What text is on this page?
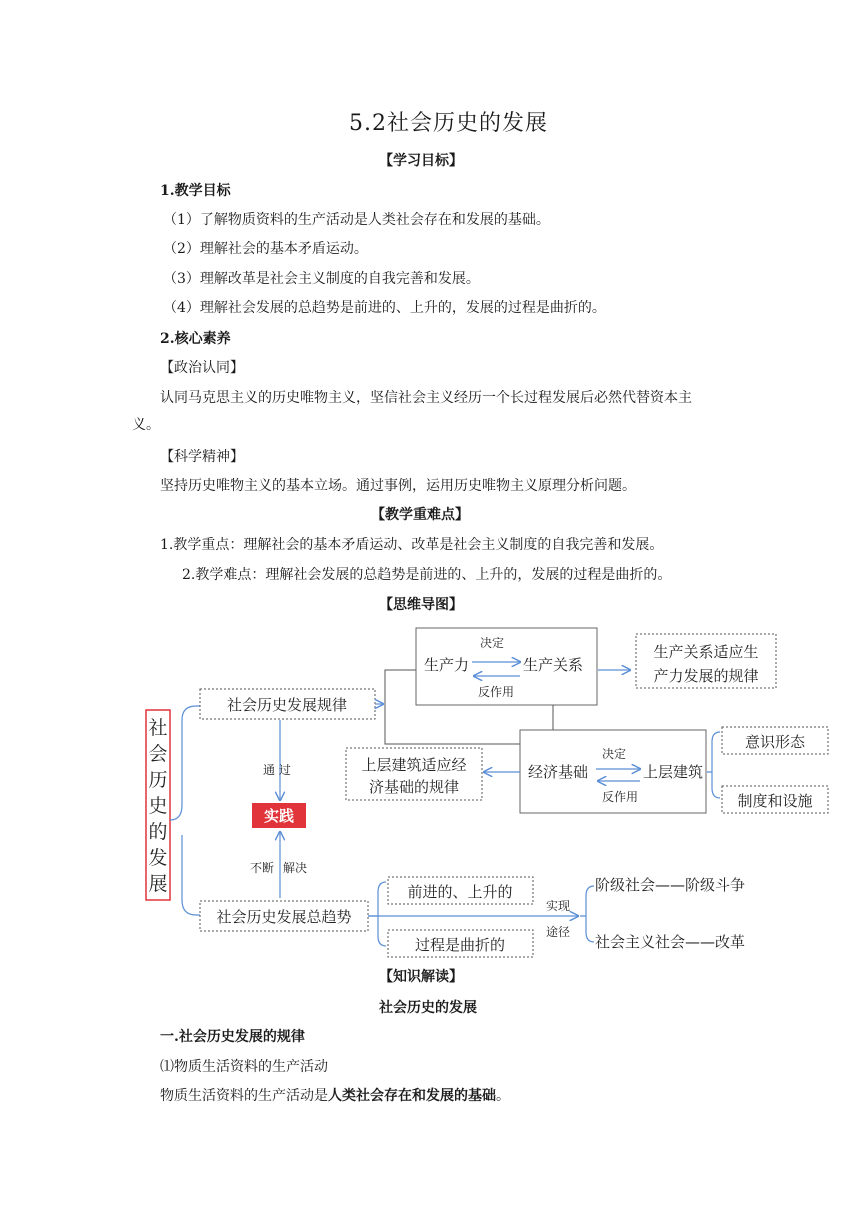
5.2社会历史的发展
【学习目标】
1.教学目标
（1）了解物质资料的生产活动是人类社会存在和发展的基础。
（2）理解社会的基本矛盾运动。
（3）理解改革是社会主义制度的自我完善和发展。
（4）理解社会发展的总趋势是前进的、上升的，发展的过程是曲折的。
2.核心素养
【政治认同】
认同马克思主义的历史唯物主义，坚信社会主义经历一个长过程发展后必然代替资本主
义。
【科学精神】
坚持历史唯物主义的基本立场。通过事例，运用历史唯物主义原理分析问题。
【教学重难点】
1.教学重点：理解社会的基本矛盾运动、改革是社会主义制度的自我完善和发展。
2.教学难点：理解社会发展的总趋势是前进的、上升的，发展的过程是曲折的。
【思维导图】
社
会
历
史
的
发
展
社会历史发展规律
生产力	生产关系
决定
反作用
生产关系适应生
产力发展的规律
经济基础	上层建筑
决定
反作用
上层建筑适应经
济基础的规律
意识形态
制度和设施
通 过
实践
不断 解决
社会历史发展总趋势
前进的、上升的
过程是曲折的
实现
途径
阶级社会——阶级斗争
社会主义社会——改革
【知识解读】
社会历史的发展
一.社会历史发展的规律
⑴物质生活资料的生产活动
物质生活资料的生产活动是人类社会存在和发展的基础。
